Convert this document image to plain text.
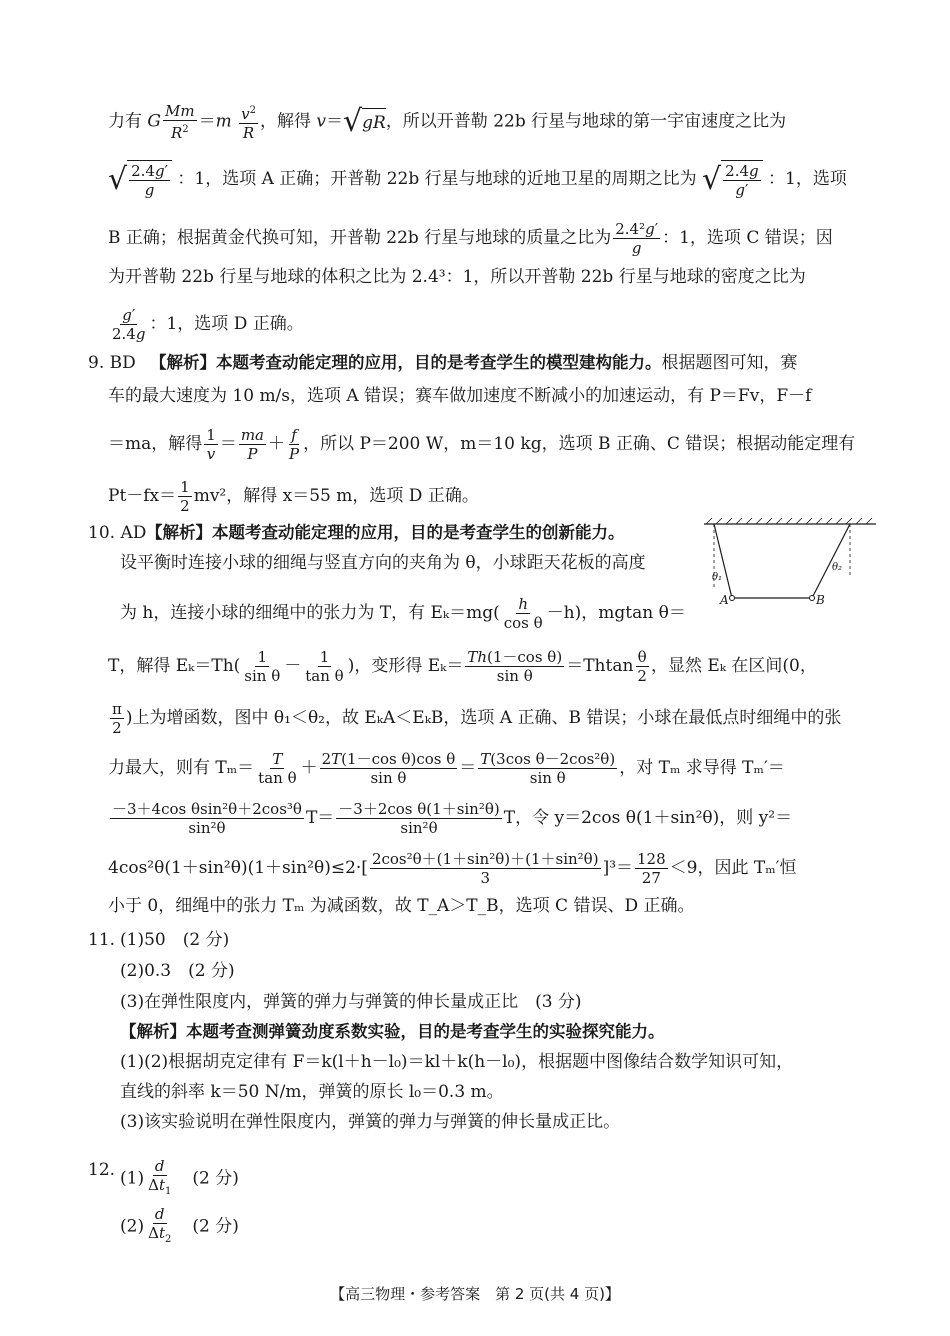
力有 G $\frac{Mm}{R^2} =m \frac{v^2}{R}$ ，解得 v＝ √ gR ，所以开普勒 22b 行星与地球的第一宇宙速度之比为
√ $\frac{2.4g'}{g}$ ：1，选项 A 正确；开普勒 22b 行星与地球的近地卫星的周期之比为 √ $\frac{2.4g}{g'}$ ：1，选项
B 正确；根据黄金代换可知，开普勒 22b 行星与地球的质量之比为 $\frac{\text{2.4²g′}}{g}$ ：1，选项 C 错误；因
为开普勒 22b 行星与地球的体积之比为 2.4³：1，所以开普勒 22b 行星与地球的密度之比为
$\frac{g'}{2.4g}$ ：1，选项 D 正确。
9. BD 【解析】本题考查动能定理的应用，目的是考查学生的模型建构能力。根据题图可知，赛
车的最大速度为 10 m/s，选项 A 错误；赛车做加速度不断减小的加速运动，有 P＝Fv，F－f
＝ma，解得 $\frac{1}{v} = \frac{ma}{P} + \frac{f}{P}$ ，所以 P＝200 W，m＝10 kg，选项 B 正确、C 错误；根据动能定理有
$Pt-fx= \frac{1}{2} mv^2$，解得 x＝55 m，选项 D 正确。
10. AD 【解析】本题考查动能定理的应用，目的是考查学生的创新能力。
设平衡时连接小球的细绳与竖直方向的夹角为 θ，小球距天花板的高度
为 h，连接小球的细绳中的张力为 T，有 $E_k=mg( \frac{h}{\text{cos θ}} -h)$，mgtan θ＝
T，解得 $E_k=Th( \frac{1}{\text{sin θ}} - \frac{1}{\text{tan θ}}$ )，变形得 $E_k= \frac{\text{Th(1－cos θ)}}{\text{sin θ}} =Thtan \frac{\theta}{2}$ ，显然 Eₖ 在区间(0，
$\frac{\pi}{2}$ )上为增函数，图中 θ₁＜θ₂，故 EₖA＜EₖB，选项 A 正确、B 错误；小球在最低点时细绳中的张
力最大，则有 $T_m= \frac{T}{\text{tan θ}} + \frac{\text{2T(1－cos θ)cos θ}}{\text{sin θ}} = \frac{\text{T(3cos θ－2cos²θ)}}{\text{sin θ}}$ ，对 Tₘ 求导得 Tₘ′＝
$\frac{\text{－3＋4cos θsin²θ＋2cos³θ}}{\text{sin²θ}} T= \frac{\text{－3＋2cos θ(1＋sin²θ)}}{\text{sin²θ}}$ T，令 y＝2cos θ(1＋sin²θ)，则 y²＝
$4\cos^2\theta(1+\sin^2\theta)(1+\sin^2\theta)\le 2\cdot[ \frac{\text{2cos²θ＋(1＋sin²θ)＋(1＋sin²θ)}}{3} ]^3= \frac{128}{27} <9$，因此 Tₘ′恒
小于 0，细绳中的张力 Tₘ 为减函数，故 T_A＞T_B，选项 C 错误、D 正确。
θ₁
θ₂
A	B
11. (1)50　(2 分)
(2)0.3　(2 分)
(3)在弹性限度内，弹簧的弹力与弹簧的伸长量成正比　(3 分)
【解析】本题考查测弹簧劲度系数实验，目的是考查学生的实验探究能力。
(1)(2)根据胡克定律有 F＝k(l＋h－l₀)＝kl＋k(h－l₀)，根据题中图像结合数学知识可知，
直线的斜率 k＝50 N/m，弹簧的原长 l₀＝0.3 m。
(3)该实验说明在弹性限度内，弹簧的弹力与弹簧的伸长量成正比。
12. $(1) \frac{d}{\Delta t_1}$ 　(2 分)
$(2) \frac{d}{\Delta t_2}$ 　(2 分)
【高三物理・参考答案　第 2 页(共 4 页)】
